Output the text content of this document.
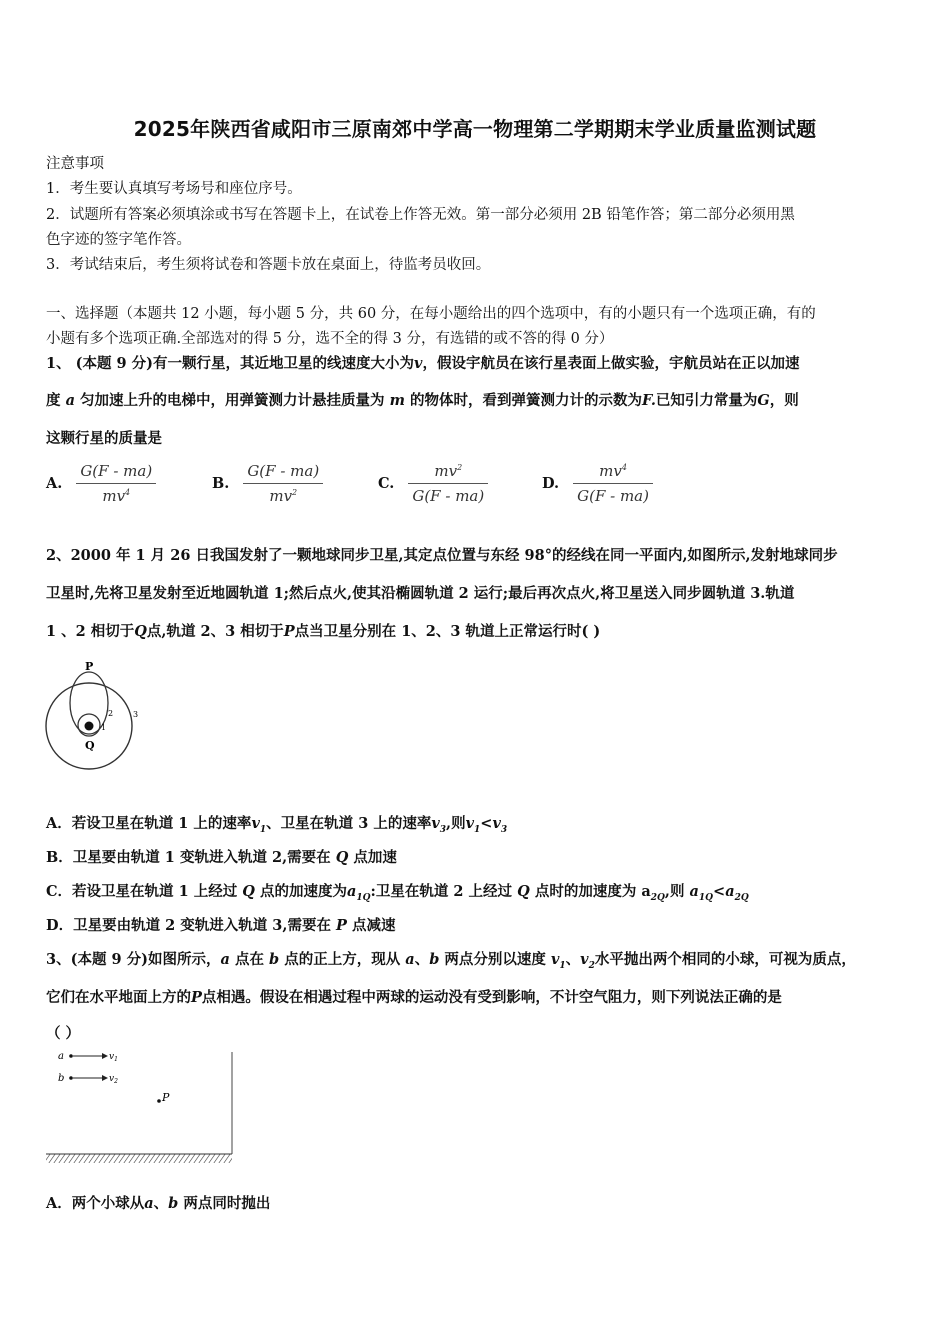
2025年陕西省咸阳市三原南郊中学高一物理第二学期期末学业质量监测试题
注意事项
1．考生要认真填写考场号和座位序号。
2．试题所有答案必须填涂或书写在答题卡上，在试卷上作答无效。第一部分必须用 2B 铅笔作答；第二部分必须用黑
色字迹的签字笔作答。
3．考试结束后，考生须将试卷和答题卡放在桌面上，待监考员收回。
一、选择题（本题共 12 小题，每小题 5 分，共 60 分，在每小题给出的四个选项中，有的小题只有一个选项正确，有的
小题有多个选项正确.全部选对的得 5 分，选不全的得 3 分，有选错的或不答的得 0 分）
1、 (本题 9 分)有一颗行星，其近地卫星的线速度大小为v，假设宇航员在该行星表面上做实验，宇航员站在正以加速
度 a 匀加速上升的电梯中，用弹簧测力计悬挂质量为 m 的物体时，看到弹簧测力计的示数为F.已知引力常量为G，则
这颗行星的质量是
A. $\frac{G(F - ma)}{mv^4}$	B. $\frac{G(F - ma)}{mv^2}$	C. $\frac{mv^2}{G(F - ma)}$	D. $\frac{mv^4}{G(F - ma)}$
2、2000 年 1 月 26 日我国发射了一颗地球同步卫星,其定点位置与东经 98°的经线在同一平面内,如图所示,发射地球同步
卫星时,先将卫星发射至近地圆轨道 1;然后点火,使其沿椭圆轨道 2 运行;最后再次点火,将卫星送入同步圆轨道 3.轨道
1 、2 相切于Q点,轨道 2、3 相切于P点当卫星分别在 1、2、3 轨道上正常运行时( )
P
Q
1
2 3
A．若设卫星在轨道 1 上的速率$v_1$、卫星在轨道 3 上的速率$v_3$,则$v_1<v_3$
B．卫星要由轨道 1 变轨进入轨道 2,需要在 Q 点加速
C．若设卫星在轨道 1 上经过 Q 点的加速度为$a_{1Q}$:卫星在轨道 2 上经过 Q 点时的加速度为 $a_{2Q}$,则 $a_{1Q}<a_{2Q}$
D．卫星要由轨道 2 变轨进入轨道 3,需要在 P 点减速
3、(本题 9 分)如图所示，a 点在 b 点的正上方，现从 a、b 两点分别以速度 $v_1$、$v_2$水平抛出两个相同的小球，可视为质点，
它们在水平地面上方的P点相遇。假设在相遇过程中两球的运动没有受到影响，不计空气阻力，则下列说法正确的是
（ ）
a	$v_1$
b	$v_2$
P
A．两个小球从a、b 两点同时抛出
